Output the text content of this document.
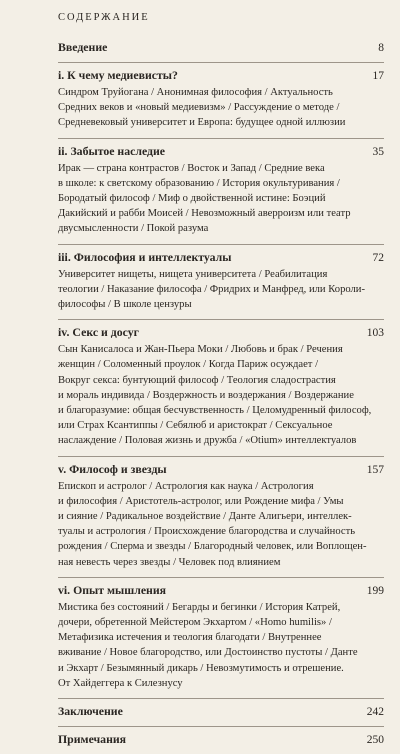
СОДЕРЖАНИЕ
Введение	8
i. К чему медиевисты?	17
Синдром Труйогана / Анонимная философия / Актуальность
Средних веков и «новый медиевизм» / Рассуждение о методе /
Средневековый университет и Европа: будущее одной иллюзии
ii. Забытое наследие	35
Ирак — страна контрастов / Восток и Запад / Средние века
в школе: к светскому образованию / История окультуривания /
Бородатый философ / Миф о двойственной истине: Боэций
Дакийский и рабби Моисей / Невозможный аверроизм или театр
двусмысленности / Покой разума
iii. Философия и интеллектуалы	72
Университет нищеты, нищета университета / Реабилитация
теологии / Наказание философа / Фридрих и Манфред, или Короли-
философы / В школе цензуры
iv. Секс и досуг	103
Сын Канисалоса и Жан-Пьера Моки / Любовь и брак / Речения
женщин / Соломенный проулок / Когда Париж осуждает /
Вокруг секса: бунтующий философ / Теология сладострастия
и мораль индивида / Воздержность и воздержания / Воздержание
и благоразумие: общая бесчувственность / Целомудренный философ,
или Страх Ксантиппы / Себялюб и аристократ / Сексуальное
наслаждение / Половая жизнь и дружба / «Otium» интеллектуалов
v. Философ и звезды	157
Епископ и астролог / Астрология как наука / Астрология
и философия / Аристотель-астролог, или Рождение мифа / Умы
и сияние / Радикальное воздействие / Данте Алигьери, интеллек-
туалы и астрология / Происхождение благородства и случайность
рождения / Сперма и звезды / Благородный человек, или Воплощен-
ная невесть через звезды / Человек под влиянием
vi. Опыт мышления	199
Мистика без состояний / Бегарды и бегинки / История Катрей,
дочери, обретенной Мейстером Экхартом / «Homo humilis» /
Метафизика истечения и теология благодати / Внутреннее
вживание / Новое благородство, или Достоинство пустоты / Данте
и Экхарт / Безымянный дикарь / Невозмутимость и отрешение.
От Хайдеггера к Силезнусу
Заключение	242
Примечания	250
